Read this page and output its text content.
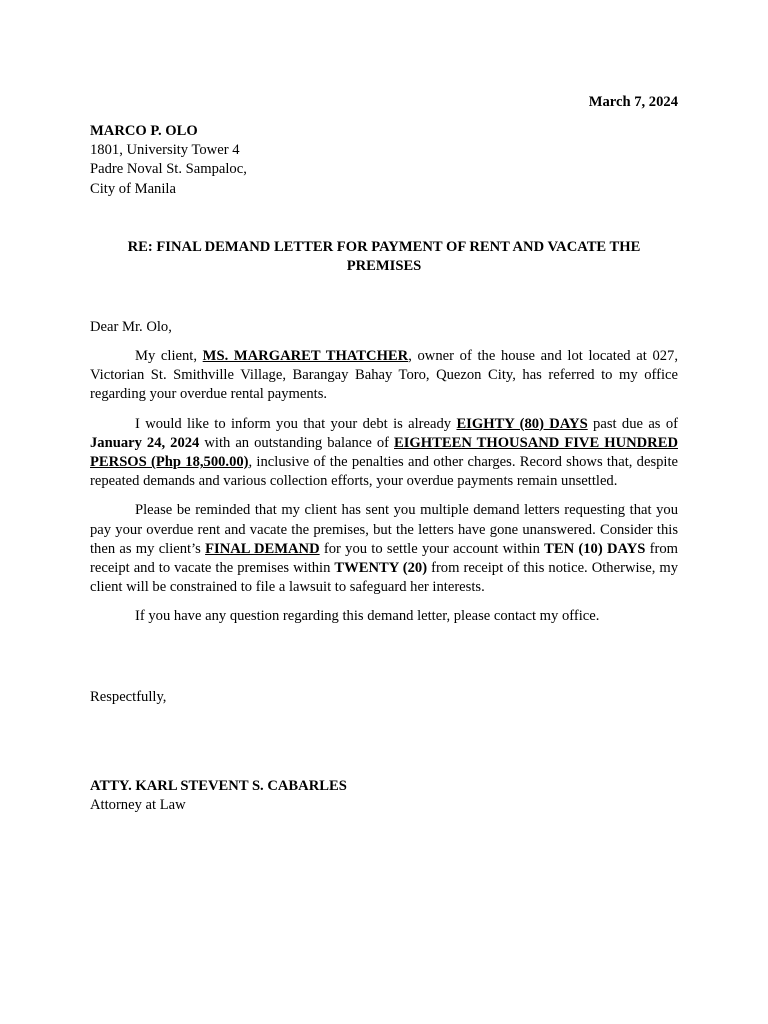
March 7, 2024
MARCO P. OLO
1801, University Tower 4
Padre Noval St. Sampaloc,
City of Manila
RE: FINAL DEMAND LETTER FOR PAYMENT OF RENT AND VACATE THE
PREMISES
Dear Mr. Olo,

My client, MS. MARGARET THATCHER, owner of the house and lot located at 027, Victorian St. Smithville Village, Barangay Bahay Toro, Quezon City, has referred to my office regarding your overdue rental payments.

I would like to inform you that your debt is already EIGHTY (80) DAYS past due as of January 24, 2024 with an outstanding balance of EIGHTEEN THOUSAND FIVE HUNDRED PERSOS (Php 18,500.00), inclusive of the penalties and other charges. Record shows that, despite repeated demands and various collection efforts, your overdue payments remain unsettled.

Please be reminded that my client has sent you multiple demand letters requesting that you pay your overdue rent and vacate the premises, but the letters have gone unanswered. Consider this then as my client’s FINAL DEMAND for you to settle your account within TEN (10) DAYS from receipt and to vacate the premises within TWENTY (20) from receipt of this notice. Otherwise, my client will be constrained to file a lawsuit to safeguard her interests.

If you have any question regarding this demand letter, please contact my office.

Respectfully,
ATTY. KARL STEVENT S. CABARLES
Attorney at Law
